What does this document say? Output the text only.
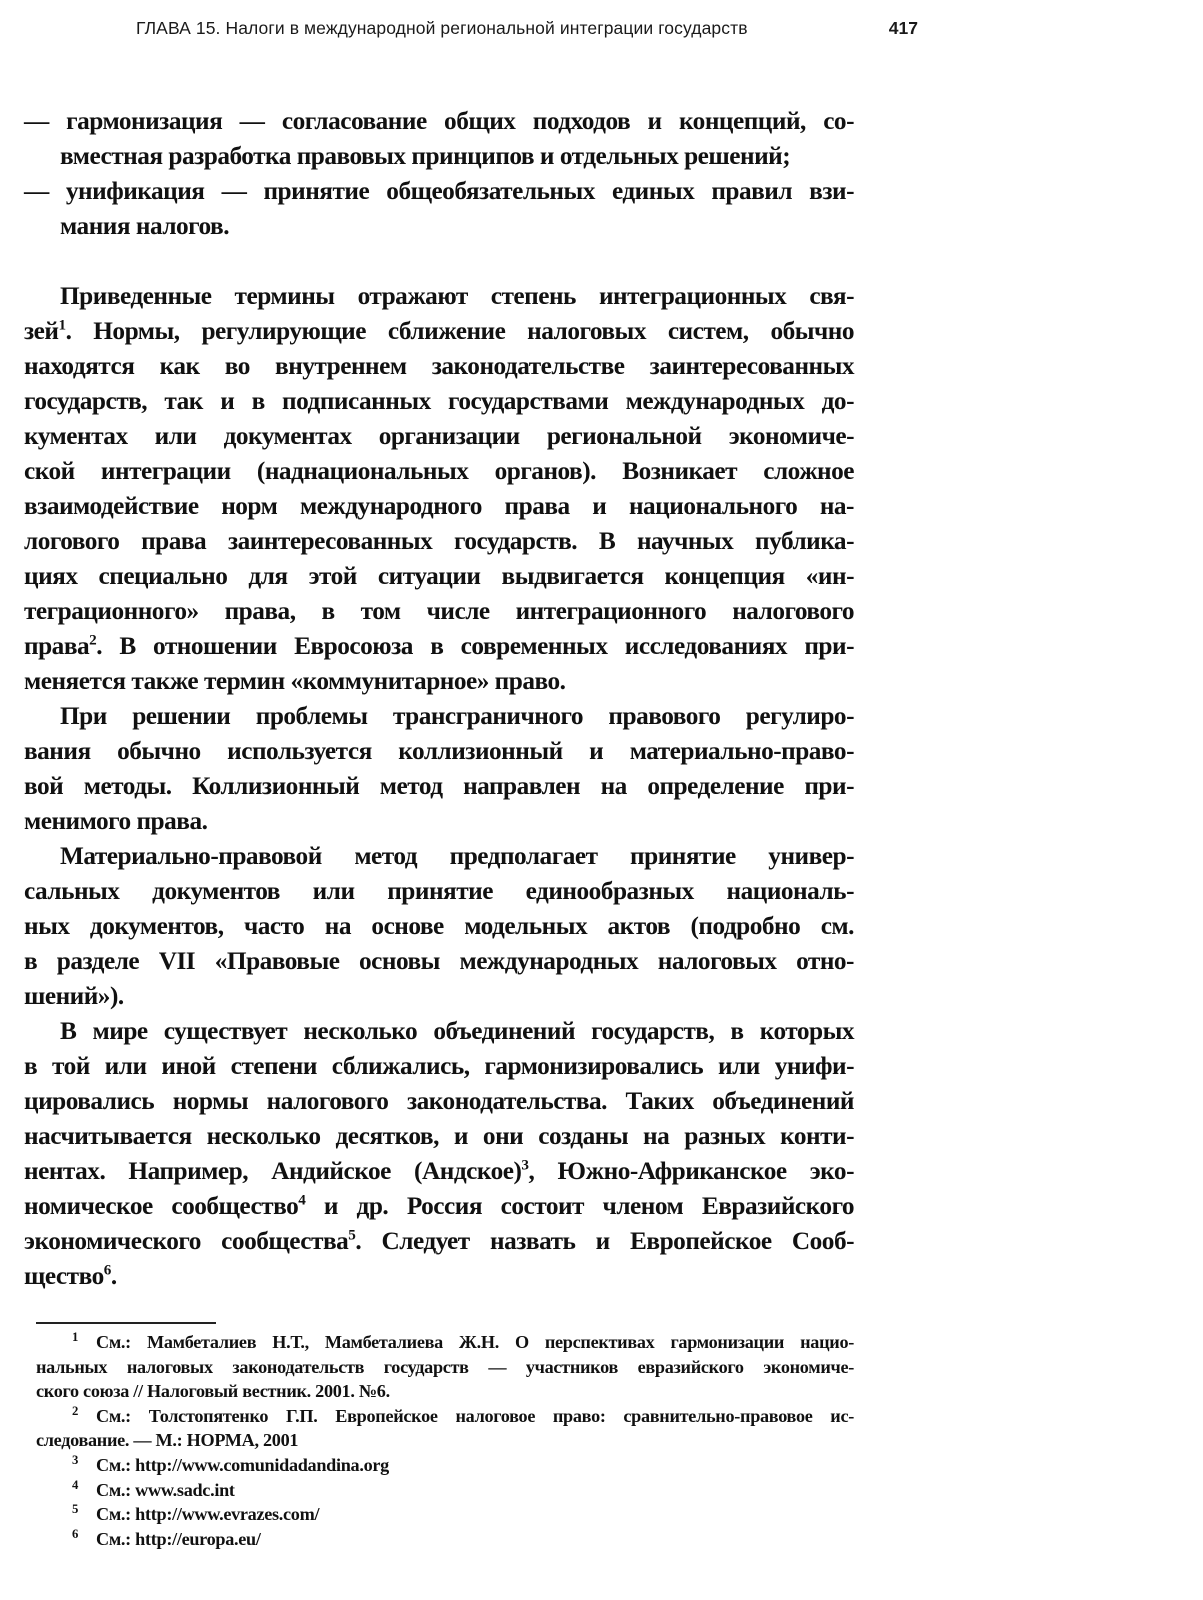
ГЛАВА 15. Налоги в международной региональной интеграции государств	417
— гармонизация — согласование общих подходов и концепций, со-
вместная разработка правовых принципов и отдельных решений;
— унификация — принятие общеобязательных единых правил взи-
мания налогов.
Приведенные термины отражают степень интеграционных свя-
зей$^1$. Нормы, регулирующие сближение налоговых систем, обычно
находятся как во внутреннем законодательстве заинтересованных
государств, так и в подписанных государствами международных до-
кументах или документах организации региональной экономиче-
ской интеграции (наднациональных органов). Возникает сложное
взаимодействие норм международного права и национального на-
логового права заинтересованных государств. В научных публика-
циях специально для этой ситуации выдвигается концепция «ин-
теграционного» права, в том числе интеграционного налогового
права$^2$. В отношении Евросоюза в современных исследованиях при-
меняется также термин «коммунитарное» право.
При решении проблемы трансграничного правового регулиро-
вания обычно используется коллизионный и материально-право-
вой методы. Коллизионный метод направлен на определение при-
менимого права.
Материально-правовой метод предполагает принятие универ-
сальных документов или принятие единообразных националь-
ных документов, часто на основе модельных актов (подробно см.
в разделе VII «Правовые основы международных налоговых отно-
шений»).
В мире существует несколько объединений государств, в которых
в той или иной степени сближались, гармонизировались или унифи-
цировались нормы налогового законодательства. Таких объединений
насчитывается несколько десятков, и они созданы на разных конти-
нентах. Например, Андийское (Андское)$^3$, Южно-Африканское эко-
номическое сообщество$^4$ и др. Россия состоит членом Евразийского
экономического сообщества$^5$. Следует назвать и Европейское Сооб-
щество$^6$.
1 См.: Мамбеталиев Н.Т., Мамбеталиева Ж.Н. О перспективах гармонизации нацио-
нальных налоговых законодательств государств — участников евразийского экономиче-
ского союза // Налоговый вестник. 2001. №6.
2 См.: Толстопятенко Г.П. Европейское налоговое право: сравнительно-правовое ис-
следование. — М.: НОРМА, 2001
3 См.: http://www.comunidadandina.org
4 См.: www.sadc.int
5 См.: http://www.evrazes.com/
6 См.: http://europa.eu/
